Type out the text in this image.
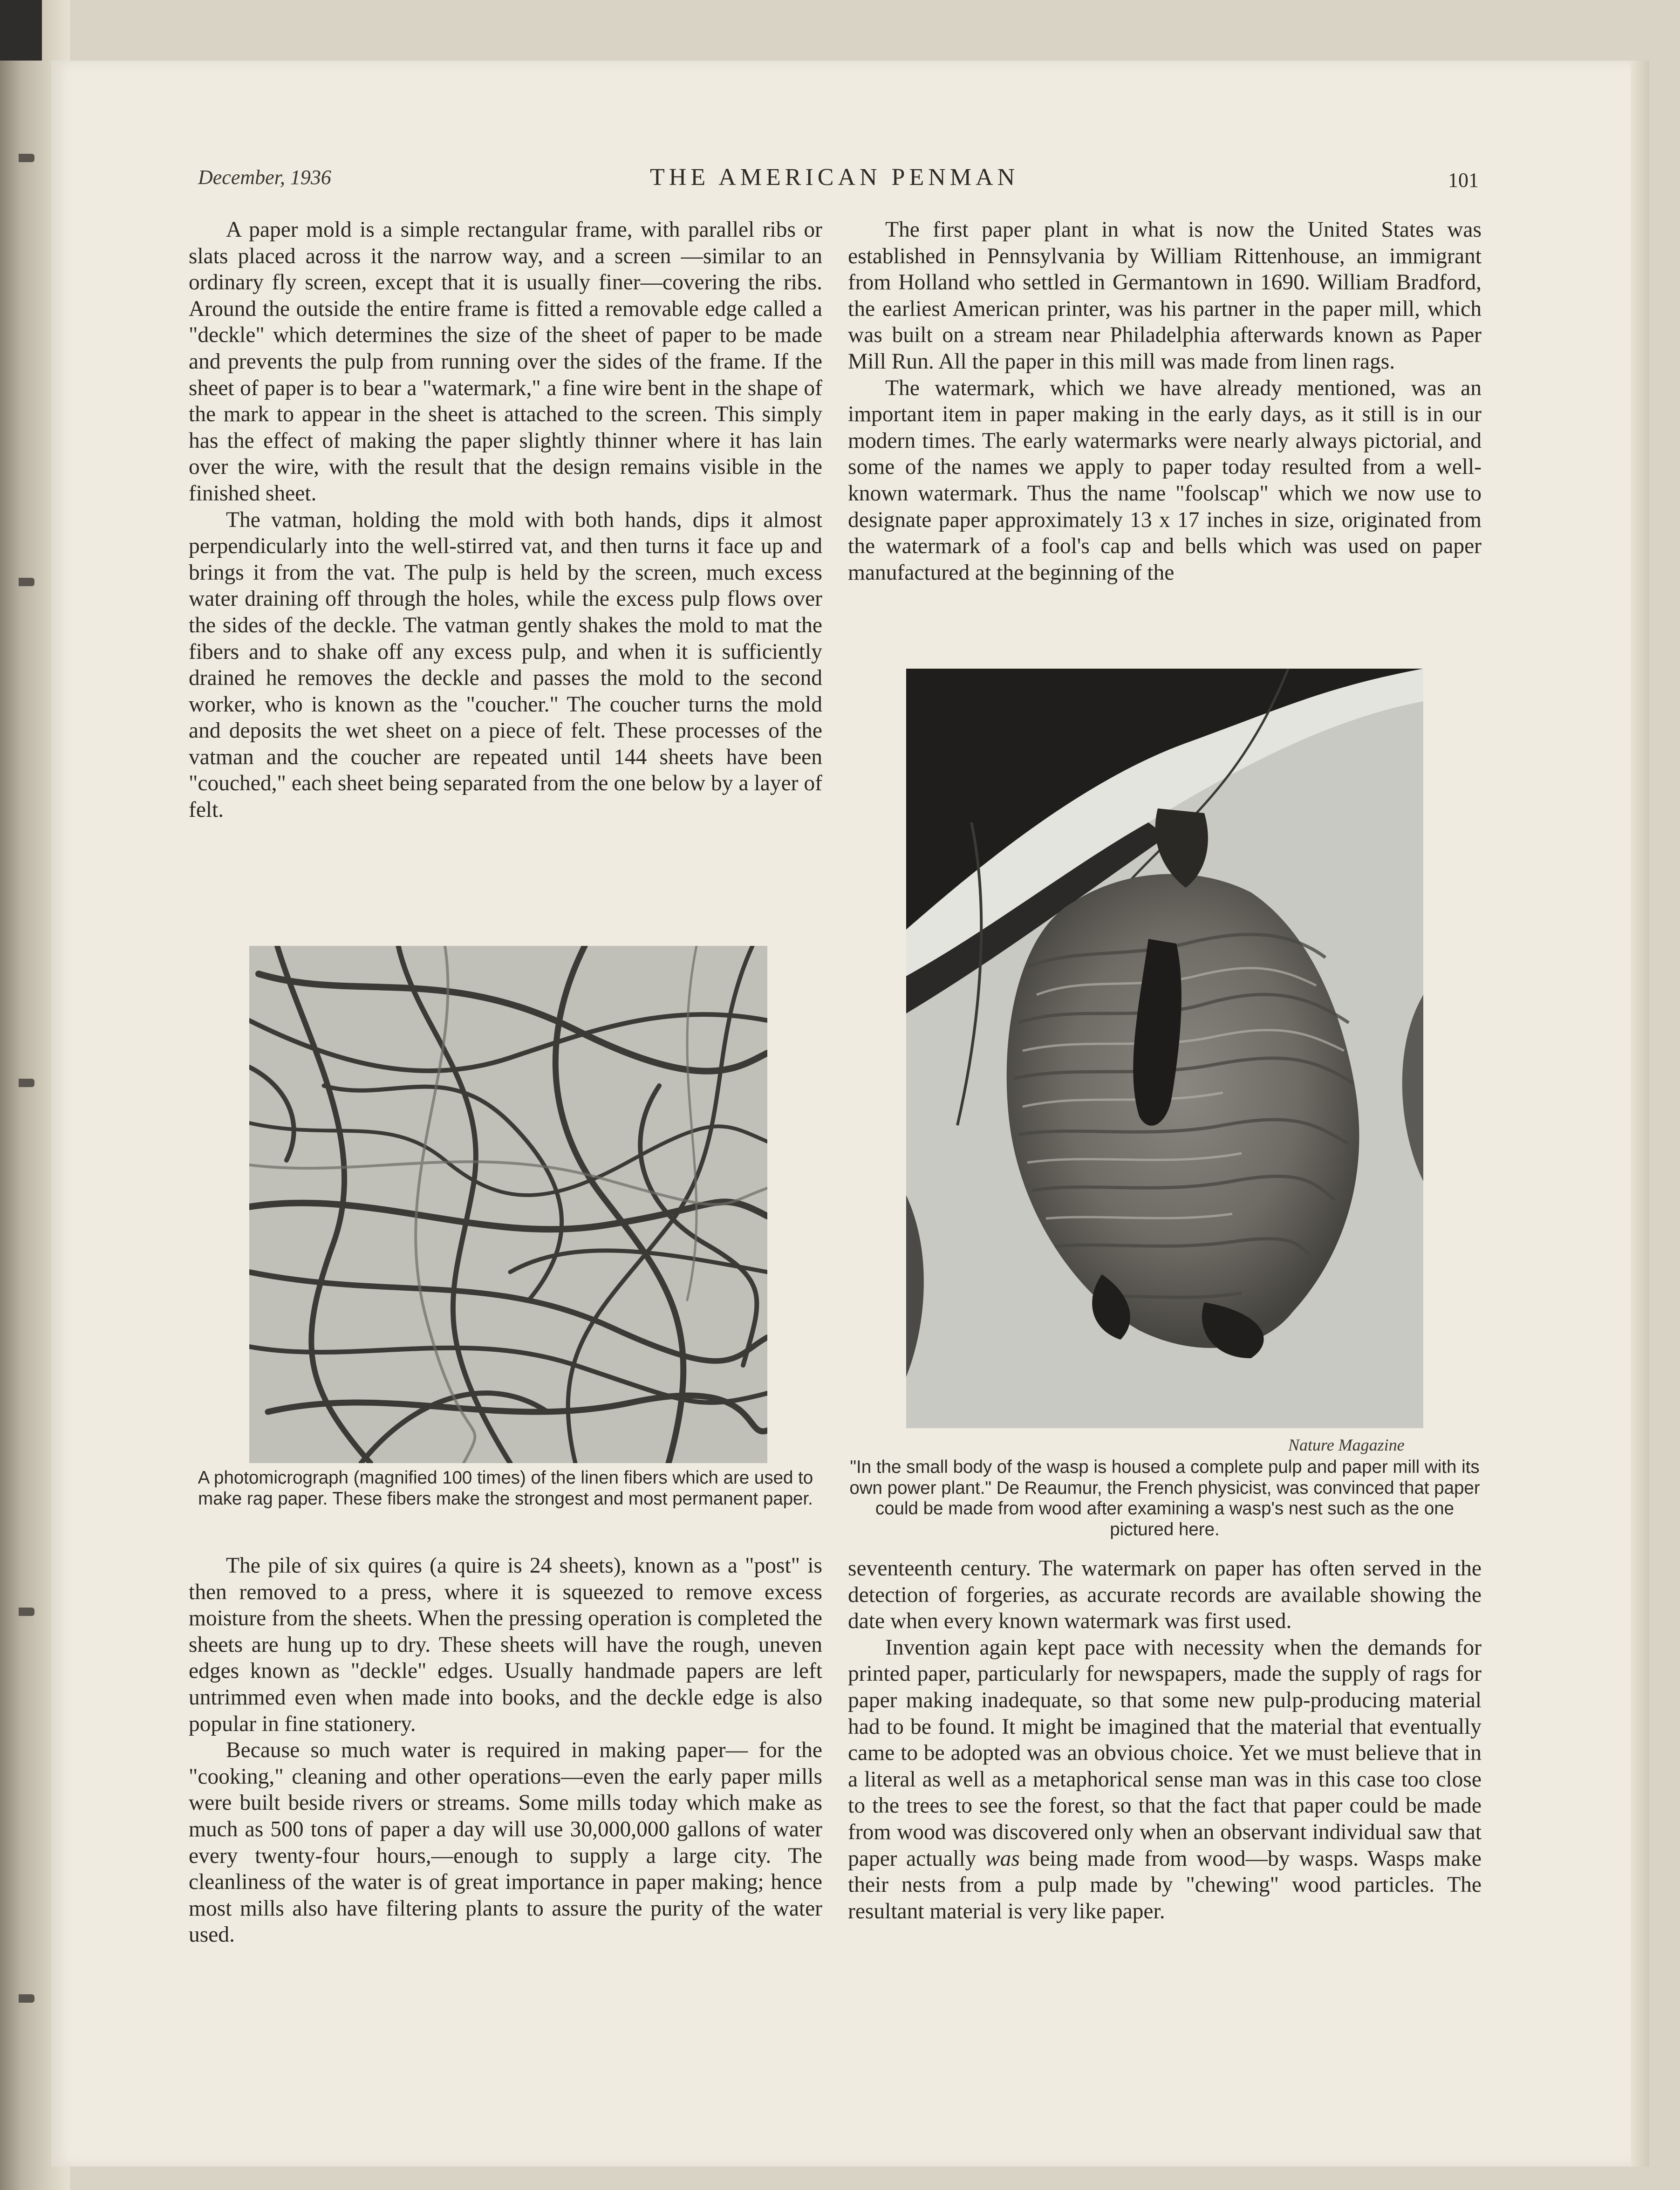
December, 1936	THE AMERICAN PENMAN	101

A paper mold is a simple rectangular frame, with parallel ribs or slats placed across it the narrow way, and a screen —similar to an ordinary fly screen, except that it is usually finer—covering the ribs. Around the outside the entire frame is fitted a removable edge called a "deckle" which determines the size of the sheet of paper to be made and prevents the pulp from running over the sides of the frame. If the sheet of paper is to bear a "watermark," a fine wire bent in the shape of the mark to appear in the sheet is attached to the screen. This simply has the effect of making the paper slightly thinner where it has lain over the wire, with the result that the design remains visible in the finished sheet.

The vatman, holding the mold with both hands, dips it almost perpendicularly into the well-stirred vat, and then turns it face up and brings it from the vat. The pulp is held by the screen, much excess water draining off through the holes, while the excess pulp flows over the sides of the deckle. The vatman gently shakes the mold to mat the fibers and to shake off any excess pulp, and when it is sufficiently drained he removes the deckle and passes the mold to the second worker, who is known as the "coucher." The coucher turns the mold and deposits the wet sheet on a piece of felt. These processes of the vatman and the coucher are repeated until 144 sheets have been "couched," each sheet being separated from the one below by a layer of felt.

A photomicrograph (magnified 100 times) of the linen fibers which are used to make rag paper. These fibers make the strongest and most permanent paper.

The pile of six quires (a quire is 24 sheets), known as a "post" is then removed to a press, where it is squeezed to remove excess moisture from the sheets. When the pressing operation is completed the sheets are hung up to dry. These sheets will have the rough, uneven edges known as "deckle" edges. Usually handmade papers are left untrimmed even when made into books, and the deckle edge is also popular in fine stationery.

Because so much water is required in making paper— for the "cooking," cleaning and other operations—even the early paper mills were built beside rivers or streams. Some mills today which make as much as 500 tons of paper a day will use 30,000,000 gallons of water every twenty-four hours,—enough to supply a large city. The cleanliness of the water is of great importance in paper making; hence most mills also have filtering plants to assure the purity of the water used.

The first paper plant in what is now the United States was established in Pennsylvania by William Rittenhouse, an immigrant from Holland who settled in Germantown in 1690. William Bradford, the earliest American printer, was his partner in the paper mill, which was built on a stream near Philadelphia afterwards known as Paper Mill Run. All the paper in this mill was made from linen rags.

The watermark, which we have already mentioned, was an important item in paper making in the early days, as it still is in our modern times. The early watermarks were nearly always pictorial, and some of the names we apply to paper today resulted from a well-known watermark. Thus the name "foolscap" which we now use to designate paper approximately 13 x 17 inches in size, originated from the watermark of a fool's cap and bells which was used on paper manufactured at the beginning of the

Nature Magazine
"In the small body of the wasp is housed a complete pulp and paper mill with its own power plant." De Reaumur, the French physicist, was convinced that paper could be made from wood after examining a wasp's nest such as the one pictured here.

seventeenth century. The watermark on paper has often served in the detection of forgeries, as accurate records are available showing the date when every known watermark was first used.

Invention again kept pace with necessity when the demands for printed paper, particularly for newspapers, made the supply of rags for paper making inadequate, so that some new pulp-producing material had to be found. It might be imagined that the material that eventually came to be adopted was an obvious choice. Yet we must believe that in a literal as well as a metaphorical sense man was in this case too close to the trees to see the forest, so that the fact that paper could be made from wood was discovered only when an observant individual saw that paper actually was being made from wood—by wasps. Wasps make their nests from a pulp made by "chewing" wood particles. The resultant material is very like paper.
